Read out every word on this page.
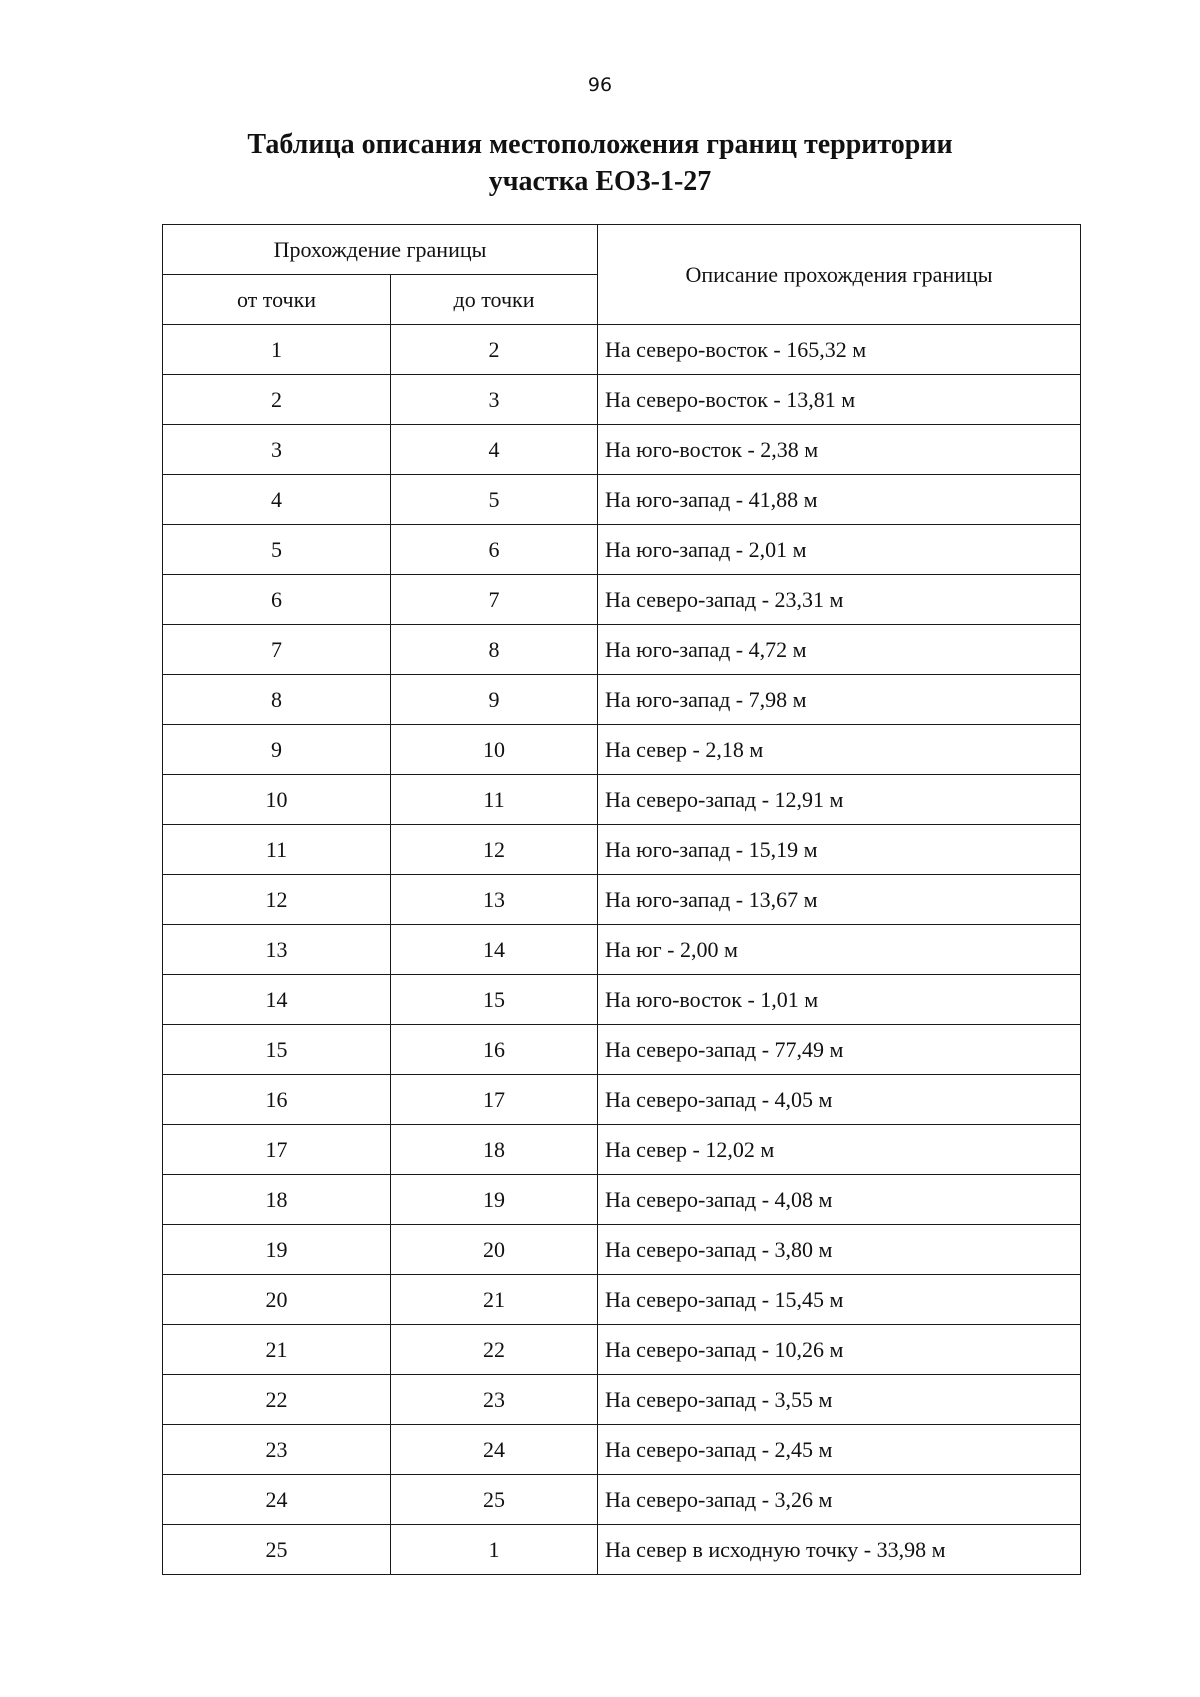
96
Таблица описания местоположения границ территории
участка ЕОЗ-1-27
Прохождение границы		Описание прохождения границы
от точки	до точки	
1	2	На северо-восток - 165,32 м
2	3	На северо-восток - 13,81 м
3	4	На юго-восток - 2,38 м
4	5	На юго-запад - 41,88 м
5	6	На юго-запад - 2,01 м
6	7	На северо-запад - 23,31 м
7	8	На юго-запад - 4,72 м
8	9	На юго-запад - 7,98 м
9	10	На север - 2,18 м
10	11	На северо-запад - 12,91 м
11	12	На юго-запад - 15,19 м
12	13	На юго-запад - 13,67 м
13	14	На юг - 2,00 м
14	15	На юго-восток - 1,01 м
15	16	На северо-запад - 77,49 м
16	17	На северо-запад - 4,05 м
17	18	На север - 12,02 м
18	19	На северо-запад - 4,08 м
19	20	На северо-запад - 3,80 м
20	21	На северо-запад - 15,45 м
21	22	На северо-запад - 10,26 м
22	23	На северо-запад - 3,55 м
23	24	На северо-запад - 2,45 м
24	25	На северо-запад - 3,26 м
25	1	На север в исходную точку - 33,98 м
